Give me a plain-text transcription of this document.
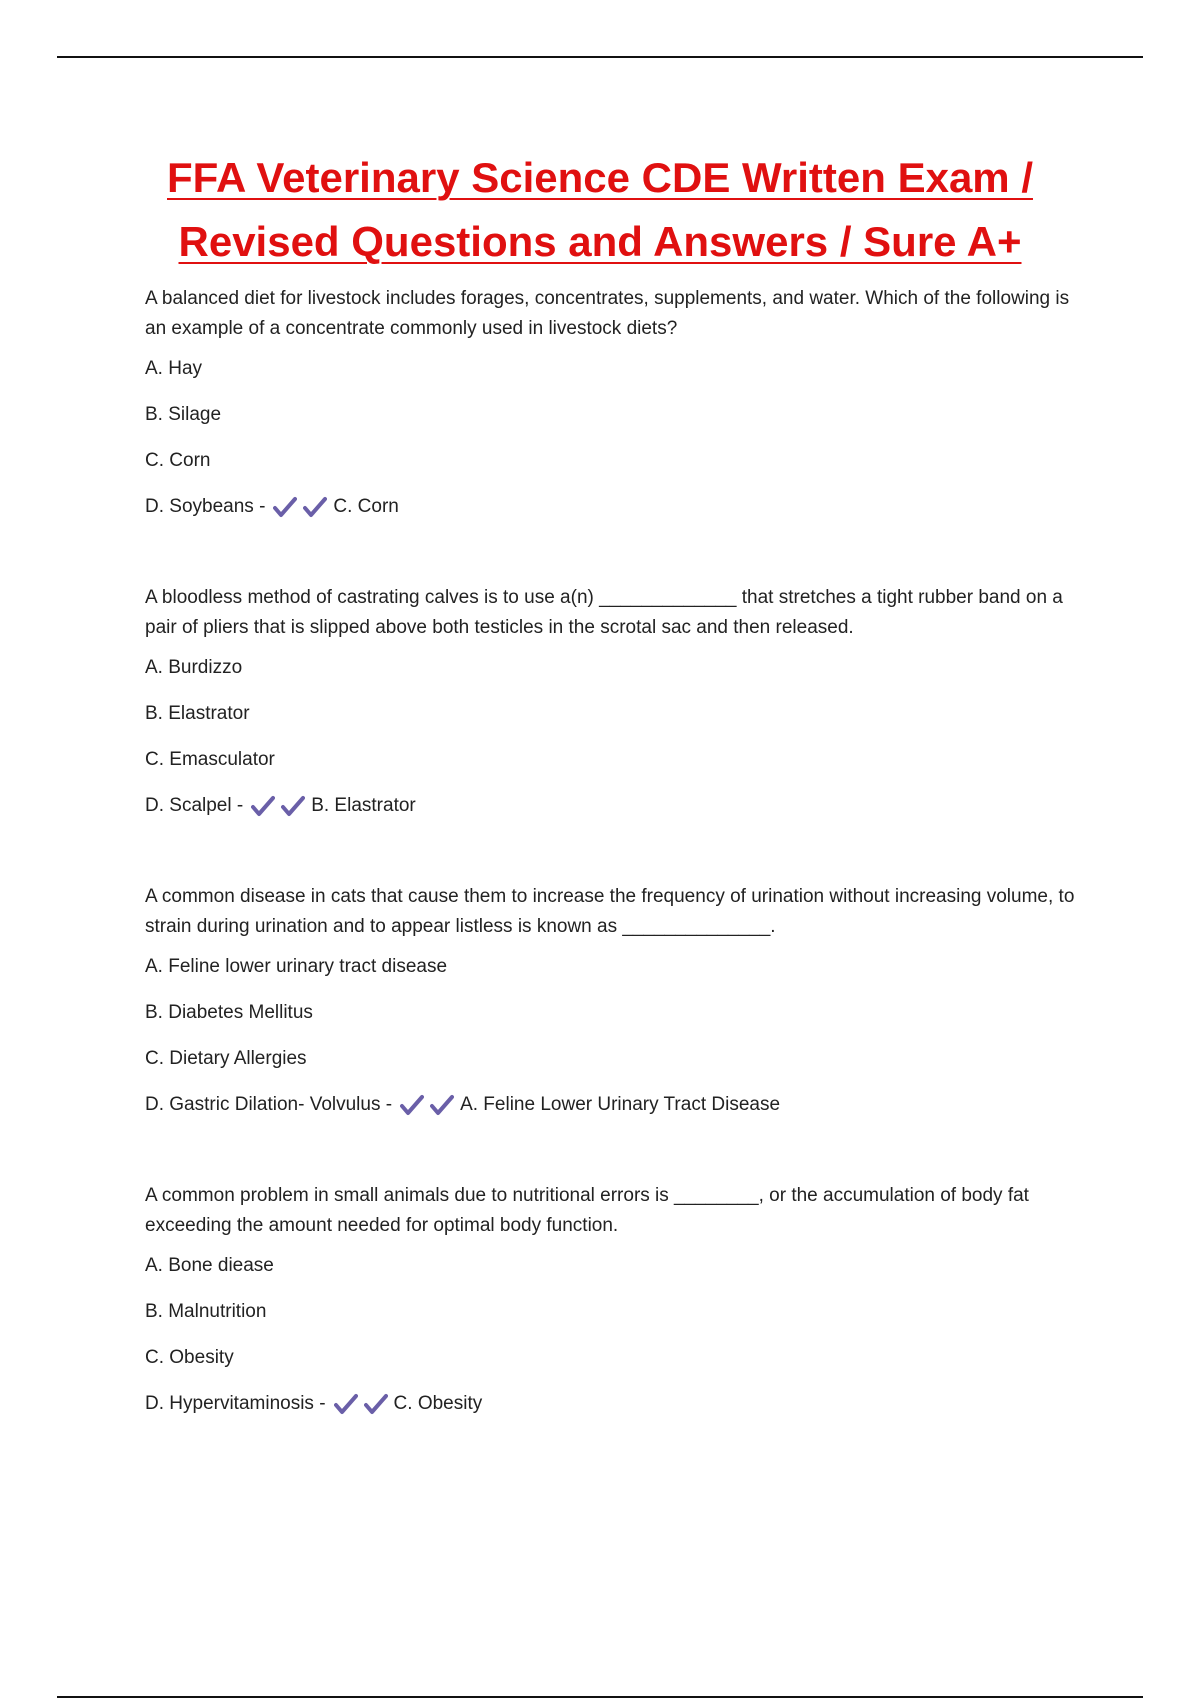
FFA Veterinary Science CDE Written Exam /
Revised Questions and Answers / Sure A+

A balanced diet for livestock includes forages, concentrates, supplements, and water. Which of the following is an example of a concentrate commonly used in livestock diets?

A. Hay

B. Silage

C. Corn

D. Soybeans -	C. Corn

A bloodless method of castrating calves is to use a(n) _____________ that stretches a tight rubber band on a pair of pliers that is slipped above both testicles in the scrotal sac and then released.

A. Burdizzo

B. Elastrator

C. Emasculator

D. Scalpel -	B. Elastrator

A common disease in cats that cause them to increase the frequency of urination without increasing volume, to strain during urination and to appear listless is known as ______________.

A. Feline lower urinary tract disease

B. Diabetes Mellitus

C. Dietary Allergies

D. Gastric Dilation- Volvulus -	A. Feline Lower Urinary Tract Disease

A common problem in small animals due to nutritional errors is ________, or the accumulation of body fat exceeding the amount needed for optimal body function.

A. Bone diease

B. Malnutrition

C. Obesity

D. Hypervitaminosis -	C. Obesity
